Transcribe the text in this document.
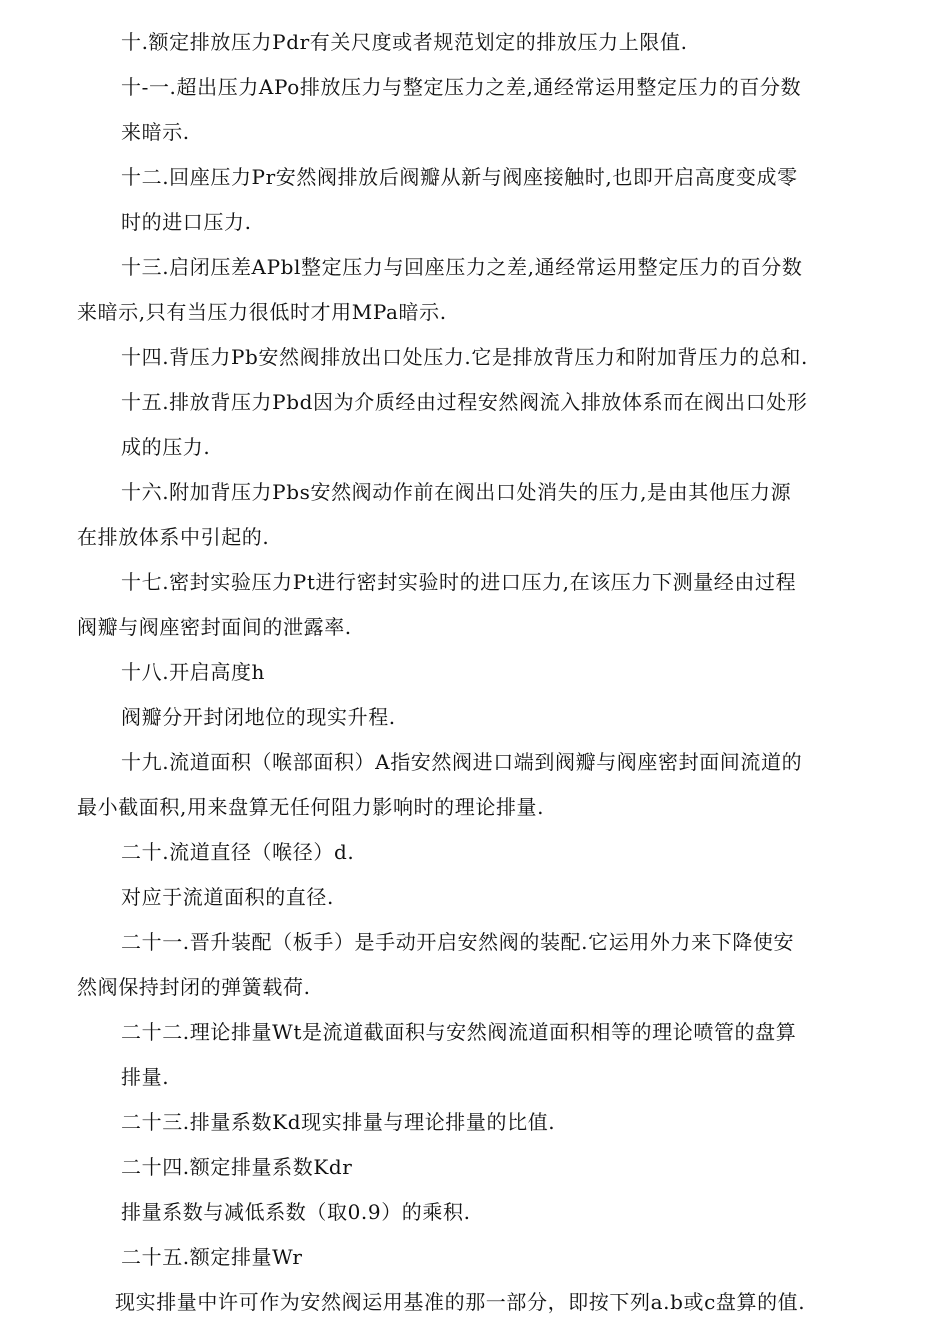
十.额定排放压力Pdr有关尺度或者规范划定的排放压力上限值.
十-一.超出压力APo排放压力与整定压力之差,通经常运用整定压力的百分数
来暗示.
十二.回座压力Pr安然阀排放后阀瓣从新与阀座接触时,也即开启高度变成零
时的进口压力.
十三.启闭压差APbl整定压力与回座压力之差,通经常运用整定压力的百分数
来暗示,只有当压力很低时才用MPa暗示.
十四.背压力Pb安然阀排放出口处压力.它是排放背压力和附加背压力的总和.
十五.排放背压力Pbd因为介质经由过程安然阀流入排放体系而在阀出口处形
成的压力.
十六.附加背压力Pbs安然阀动作前在阀出口处消失的压力,是由其他压力源
在排放体系中引起的.
十七.密封实验压力Pt进行密封实验时的进口压力,在该压力下测量经由过程
阀瓣与阀座密封面间的泄露率.
十八.开启高度h
阀瓣分开封闭地位的现实升程.
十九.流道面积（喉部面积）A指安然阀进口端到阀瓣与阀座密封面间流道的
最小截面积,用来盘算无任何阻力影响时的理论排量.
二十.流道直径（喉径）d.
对应于流道面积的直径.
二十一.晋升装配（板手）是手动开启安然阀的装配.它运用外力来下降使安
然阀保持封闭的弹簧载荷.
二十二.理论排量Wt是流道截面积与安然阀流道面积相等的理论喷管的盘算
排量.
二十三.排量系数Kd现实排量与理论排量的比值.
二十四.额定排量系数Kdr
排量系数与减低系数（取0.9）的乘积.
二十五.额定排量Wr
现实排量中许可作为安然阀运用基准的那一部分，即按下列a.b或c盘算的值.
